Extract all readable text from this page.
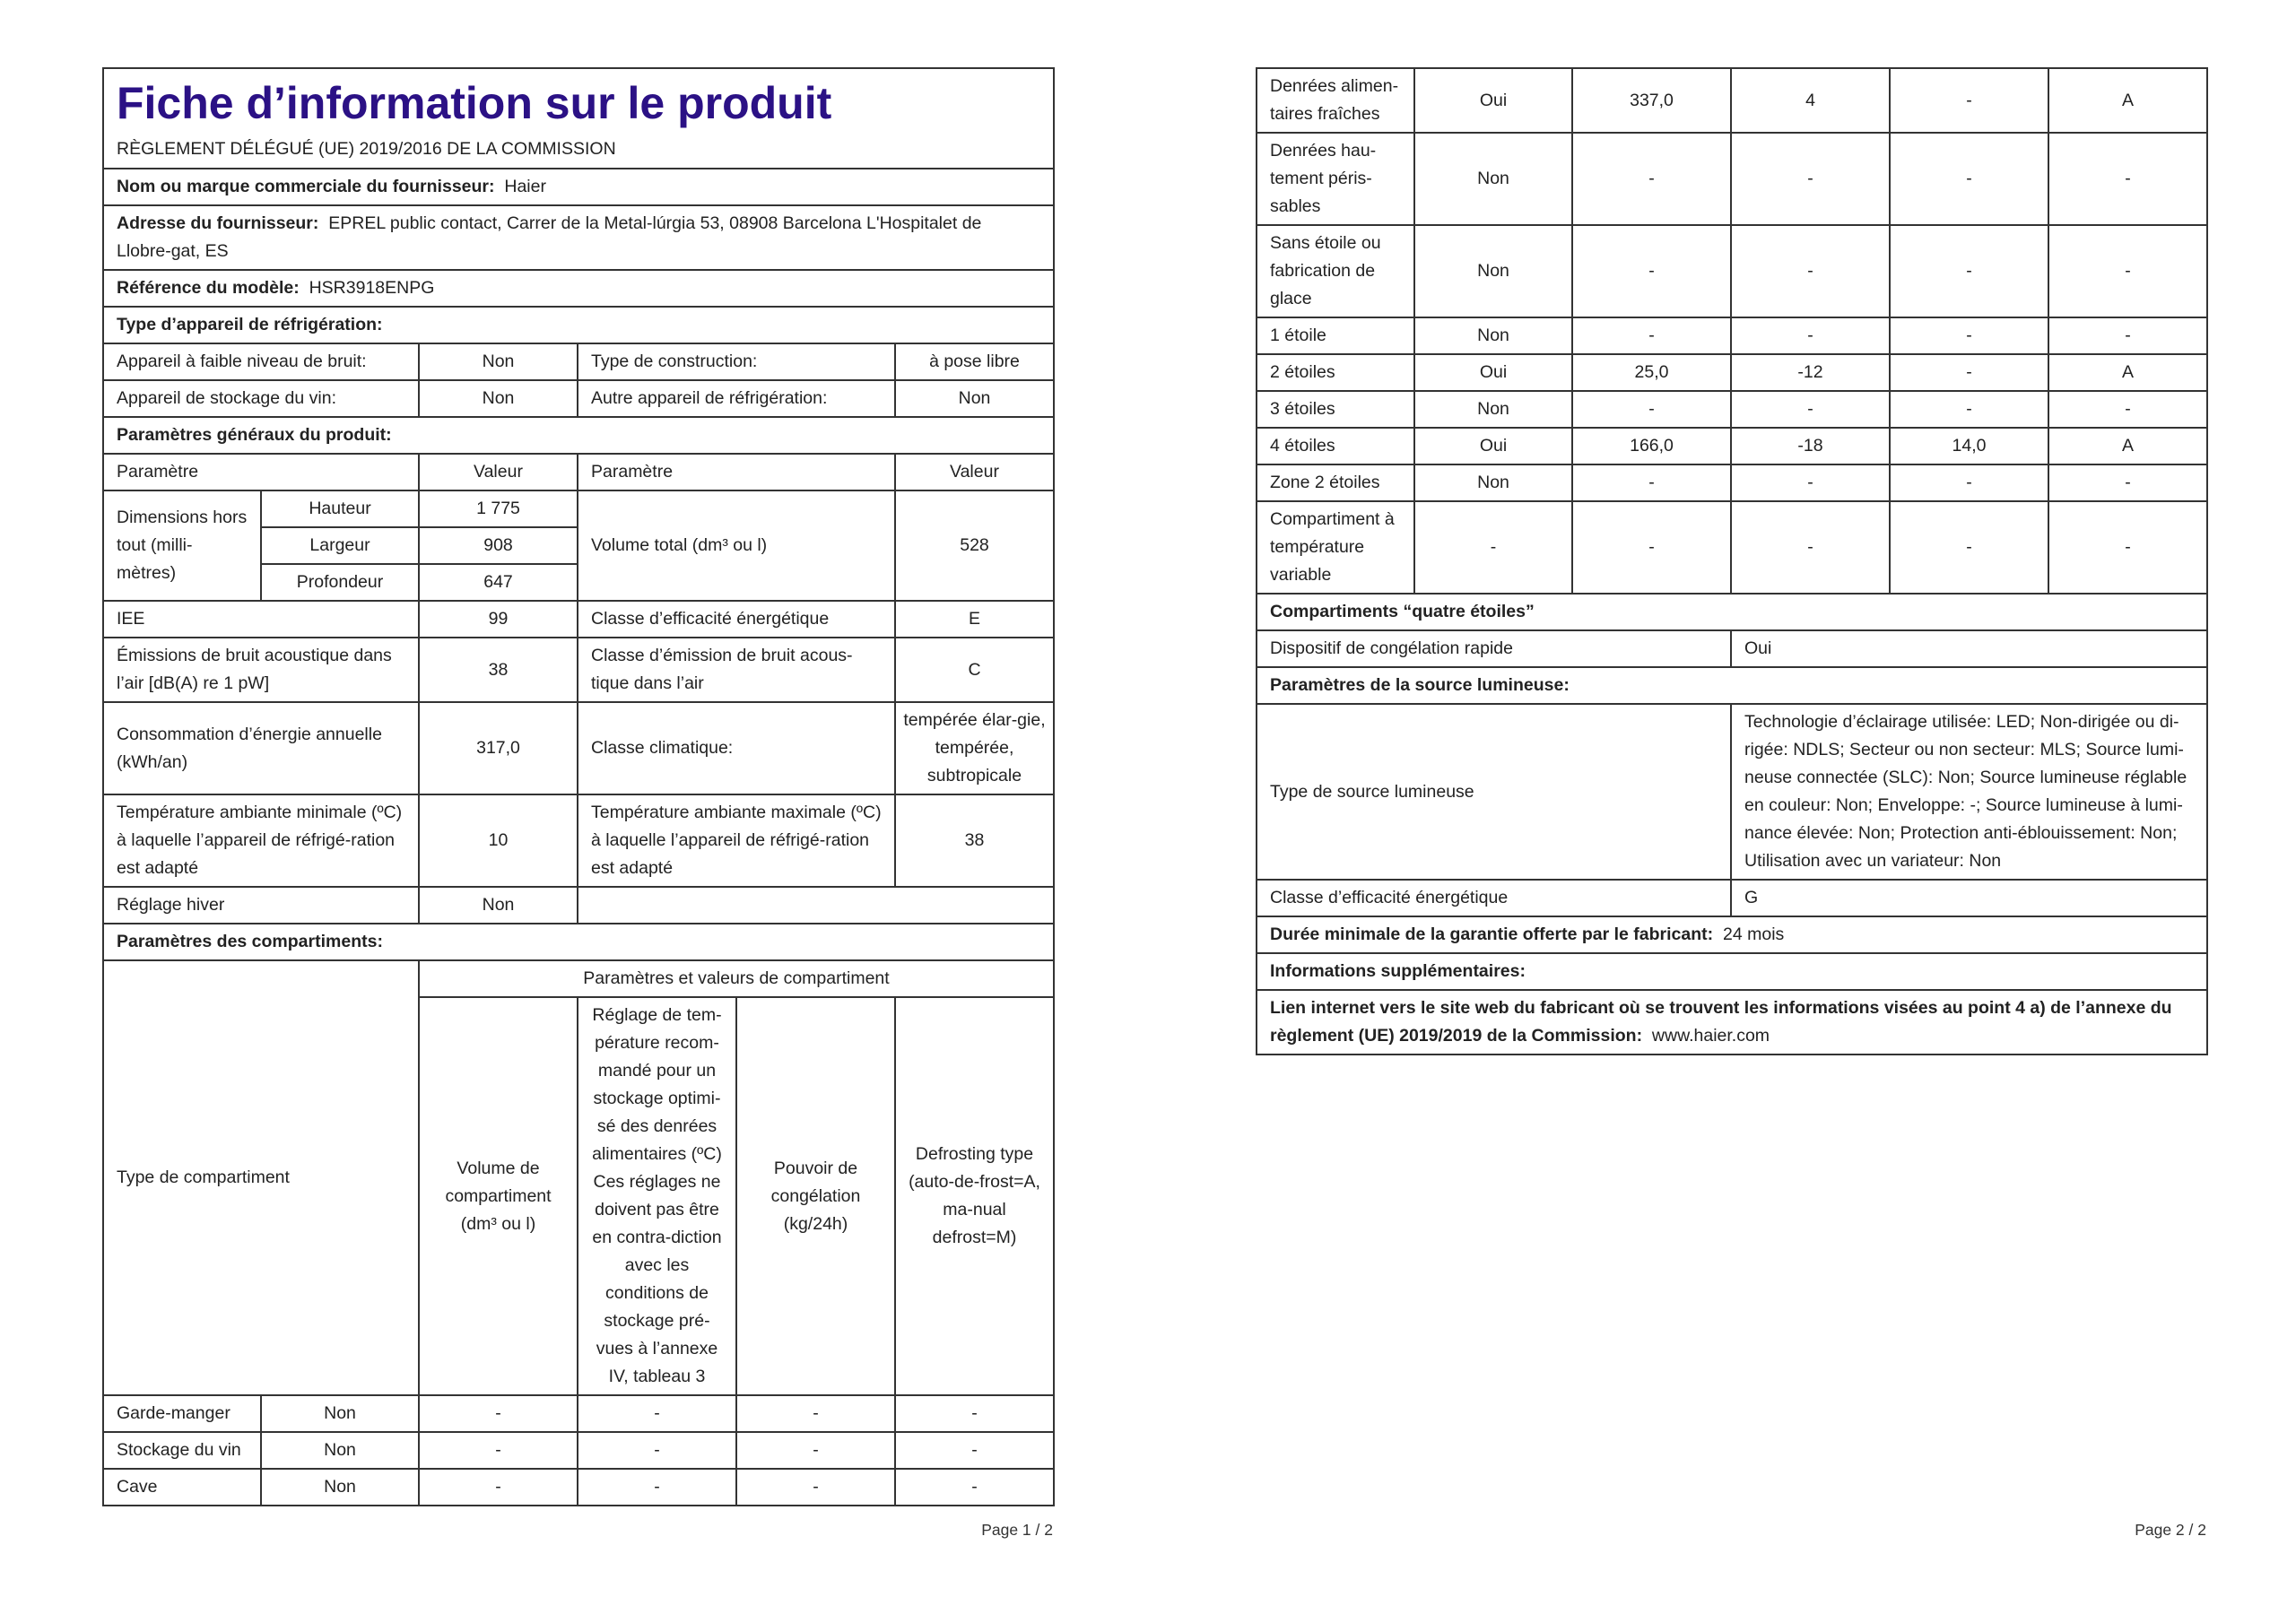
Fiche d’information sur le produit
RÈGLEMENT DÉLÉGUÉ (UE) 2019/2016 DE LA COMMISSION					

Nom ou marque commerciale du fournisseur: Haier					
Adresse du fournisseur: EPREL public contact, Carrer de la Metal-lúrgia 53, 08908 Barcelona L'Hospitalet de Llobre-gat, ES					
Référence du modèle: HSR3918ENPG					
Type d’appareil de réfrigération:					
Appareil à faible niveau de bruit:		Non	Type de construction:		à pose libre
Appareil de stockage du vin:		Non	Autre appareil de réfrigération:		Non
Paramètres généraux du produit:					
Paramètre		Valeur	Paramètre		Valeur
Dimensions hors tout (milli-mètres)	Hauteur	1 775	Volume total (dm³ ou l)		528
	Largeur	908			
	Profondeur	647			
IEE		99	Classe d’efficacité énergétique		E
Émissions de bruit acoustique dans l’air [dB(A) re 1 pW]		38	Classe d’émission de bruit acous-tique dans l’air		C
Consommation d’énergie annuelle (kWh/an)		317,0	Classe climatique:		tempérée élar-gie, tempérée, subtropicale
Température ambiante minimale (ºC) à laquelle l’appareil de réfrigé-ration est adapté		10	Température ambiante maximale (ºC) à laquelle l’appareil de réfrigé-ration est adapté		38
Réglage hiver		Non			
Paramètres des compartiments:					
Type de compartiment		Paramètres et valeurs de compartiment			
		Volume de compartiment (dm³ ou l)	Réglage de tem-pérature recom-mandé pour un stockage optimi-sé des denrées alimentaires (ºC) Ces réglages ne doivent pas être en contra-diction avec les conditions de stockage pré-vues à l’annexe IV, tableau 3	Pouvoir de congélation (kg/24h)	Defrosting type (auto-de-frost=A, ma-nual defrost=M)
Garde-manger	Non	-	-	-	-
Stockage du vin	Non	-	-	-	-
Cave	Non	-	-	-	-
Page 1 / 2
Denrées alimen-taires fraîches	Oui	337,0	4	-	A
Denrées hau-tement péris-sables	Non	-	-	-	-
Sans étoile ou fabrication de glace	Non	-	-	-	-
1 étoile	Non	-	-	-	-
2 étoiles	Oui	25,0	-12	-	A
3 étoiles	Non	-	-	-	-
4 étoiles	Oui	166,0	-18	14,0	A
Zone 2 étoiles	Non	-	-	-	-
Compartiment à température variable	-	-	-	-	-
Compartiments “quatre étoiles”					
Dispositif de congélation rapide			Oui		
Paramètres de la source lumineuse:					
Type de source lumineuse			Technologie d’éclairage utilisée: LED; Non-dirigée ou di-rigée: NDLS; Secteur ou non secteur: MLS; Source lumi-neuse connectée (SLC): Non; Source lumineuse réglable en couleur: Non; Enveloppe: -; Source lumineuse à lumi-nance élevée: Non; Protection anti-éblouissement: Non; Utilisation avec un variateur: Non		
Classe d’efficacité énergétique			G		
Durée minimale de la garantie offerte par le fabricant: 24 mois					
Informations supplémentaires:					
Lien internet vers le site web du fabricant où se trouvent les informations visées au point 4 a) de l’annexe du règlement (UE) 2019/2019 de la Commission: www.haier.com					
Page 2 / 2
